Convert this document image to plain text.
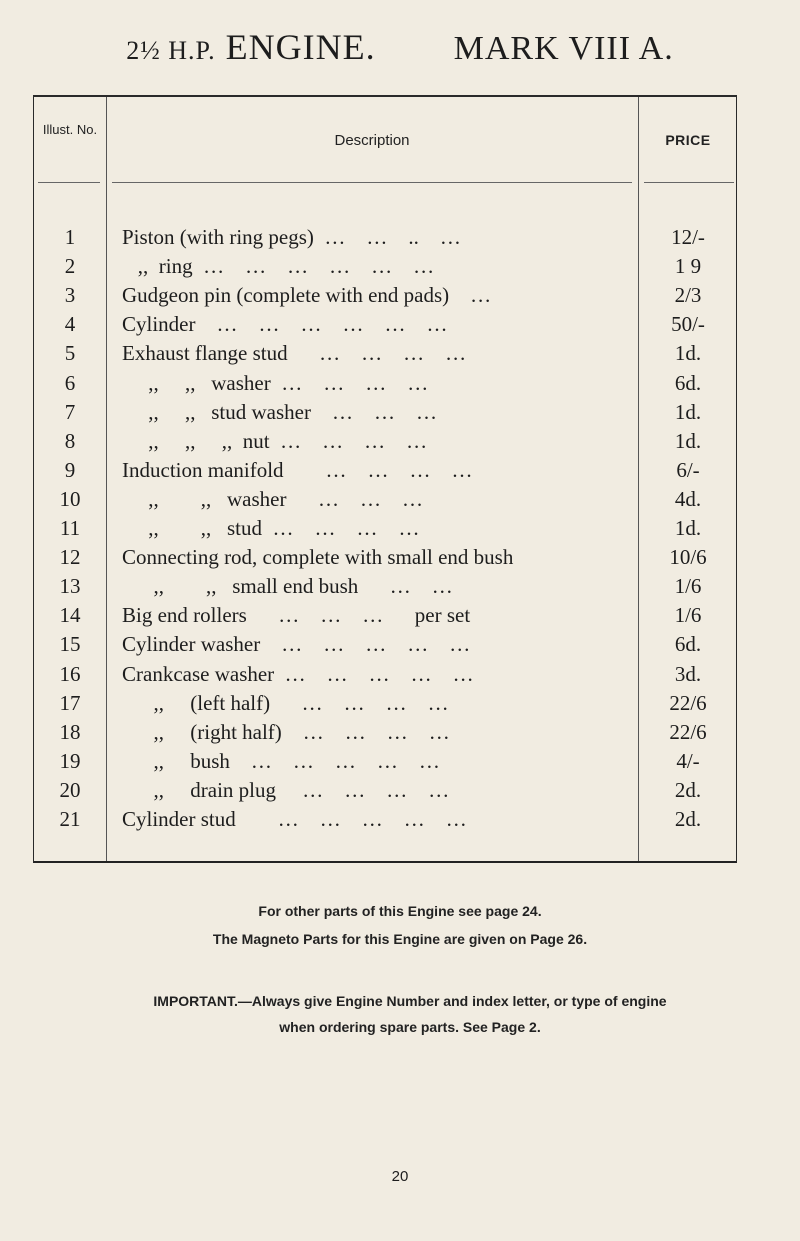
2½ H.P. ENGINE. MARK VIII A.
Illust. No.
Description	PRICE
1	Piston (with ring pegs)  …    …    ..    …	12/-
2	,,  ring  …    …    …    …    …    …	1 9
3	Gudgeon pin (complete with end pads)    …	2/3
4	Cylinder    …    …    …    …    …    …	50/-
5	Exhaust flange stud      …    …    …    …	1d.
6	,,     ,,   washer  …    …    …    …	6d.
7	,,     ,,   stud washer    …    …    …	1d.
8	,,     ,,     ,,  nut  …    …    …    …	1d.
9	Induction manifold        …    …    …    …	6/-
10	,,        ,,   washer      …    …    …	4d.
11	,,        ,,   stud  …    …    …    …	1d.
12	Connecting rod, complete with small end bush	10/6
13	,,        ,,   small end bush      …    …	1/6
14	Big end rollers      …    …    …      per set	1/6
15	Cylinder washer    …    …    …    …    …	6d.
16	Crankcase washer  …    …    …    …    …	3d.
17	,,     (left half)      …    …    …    …	22/6
18	,,     (right half)    …    …    …    …	22/6
19	,,     bush    …    …    …    …    …	4/-
20	,,     drain plug     …    …    …    …	2d.
21	Cylinder stud        …    …    …    …    …	2d.
For other parts of this Engine see page 24.
The Magneto Parts for this Engine are given on Page 26.
IMPORTANT.—Always give Engine Number and index letter, or type of engine
when ordering spare parts. See Page 2.
20
